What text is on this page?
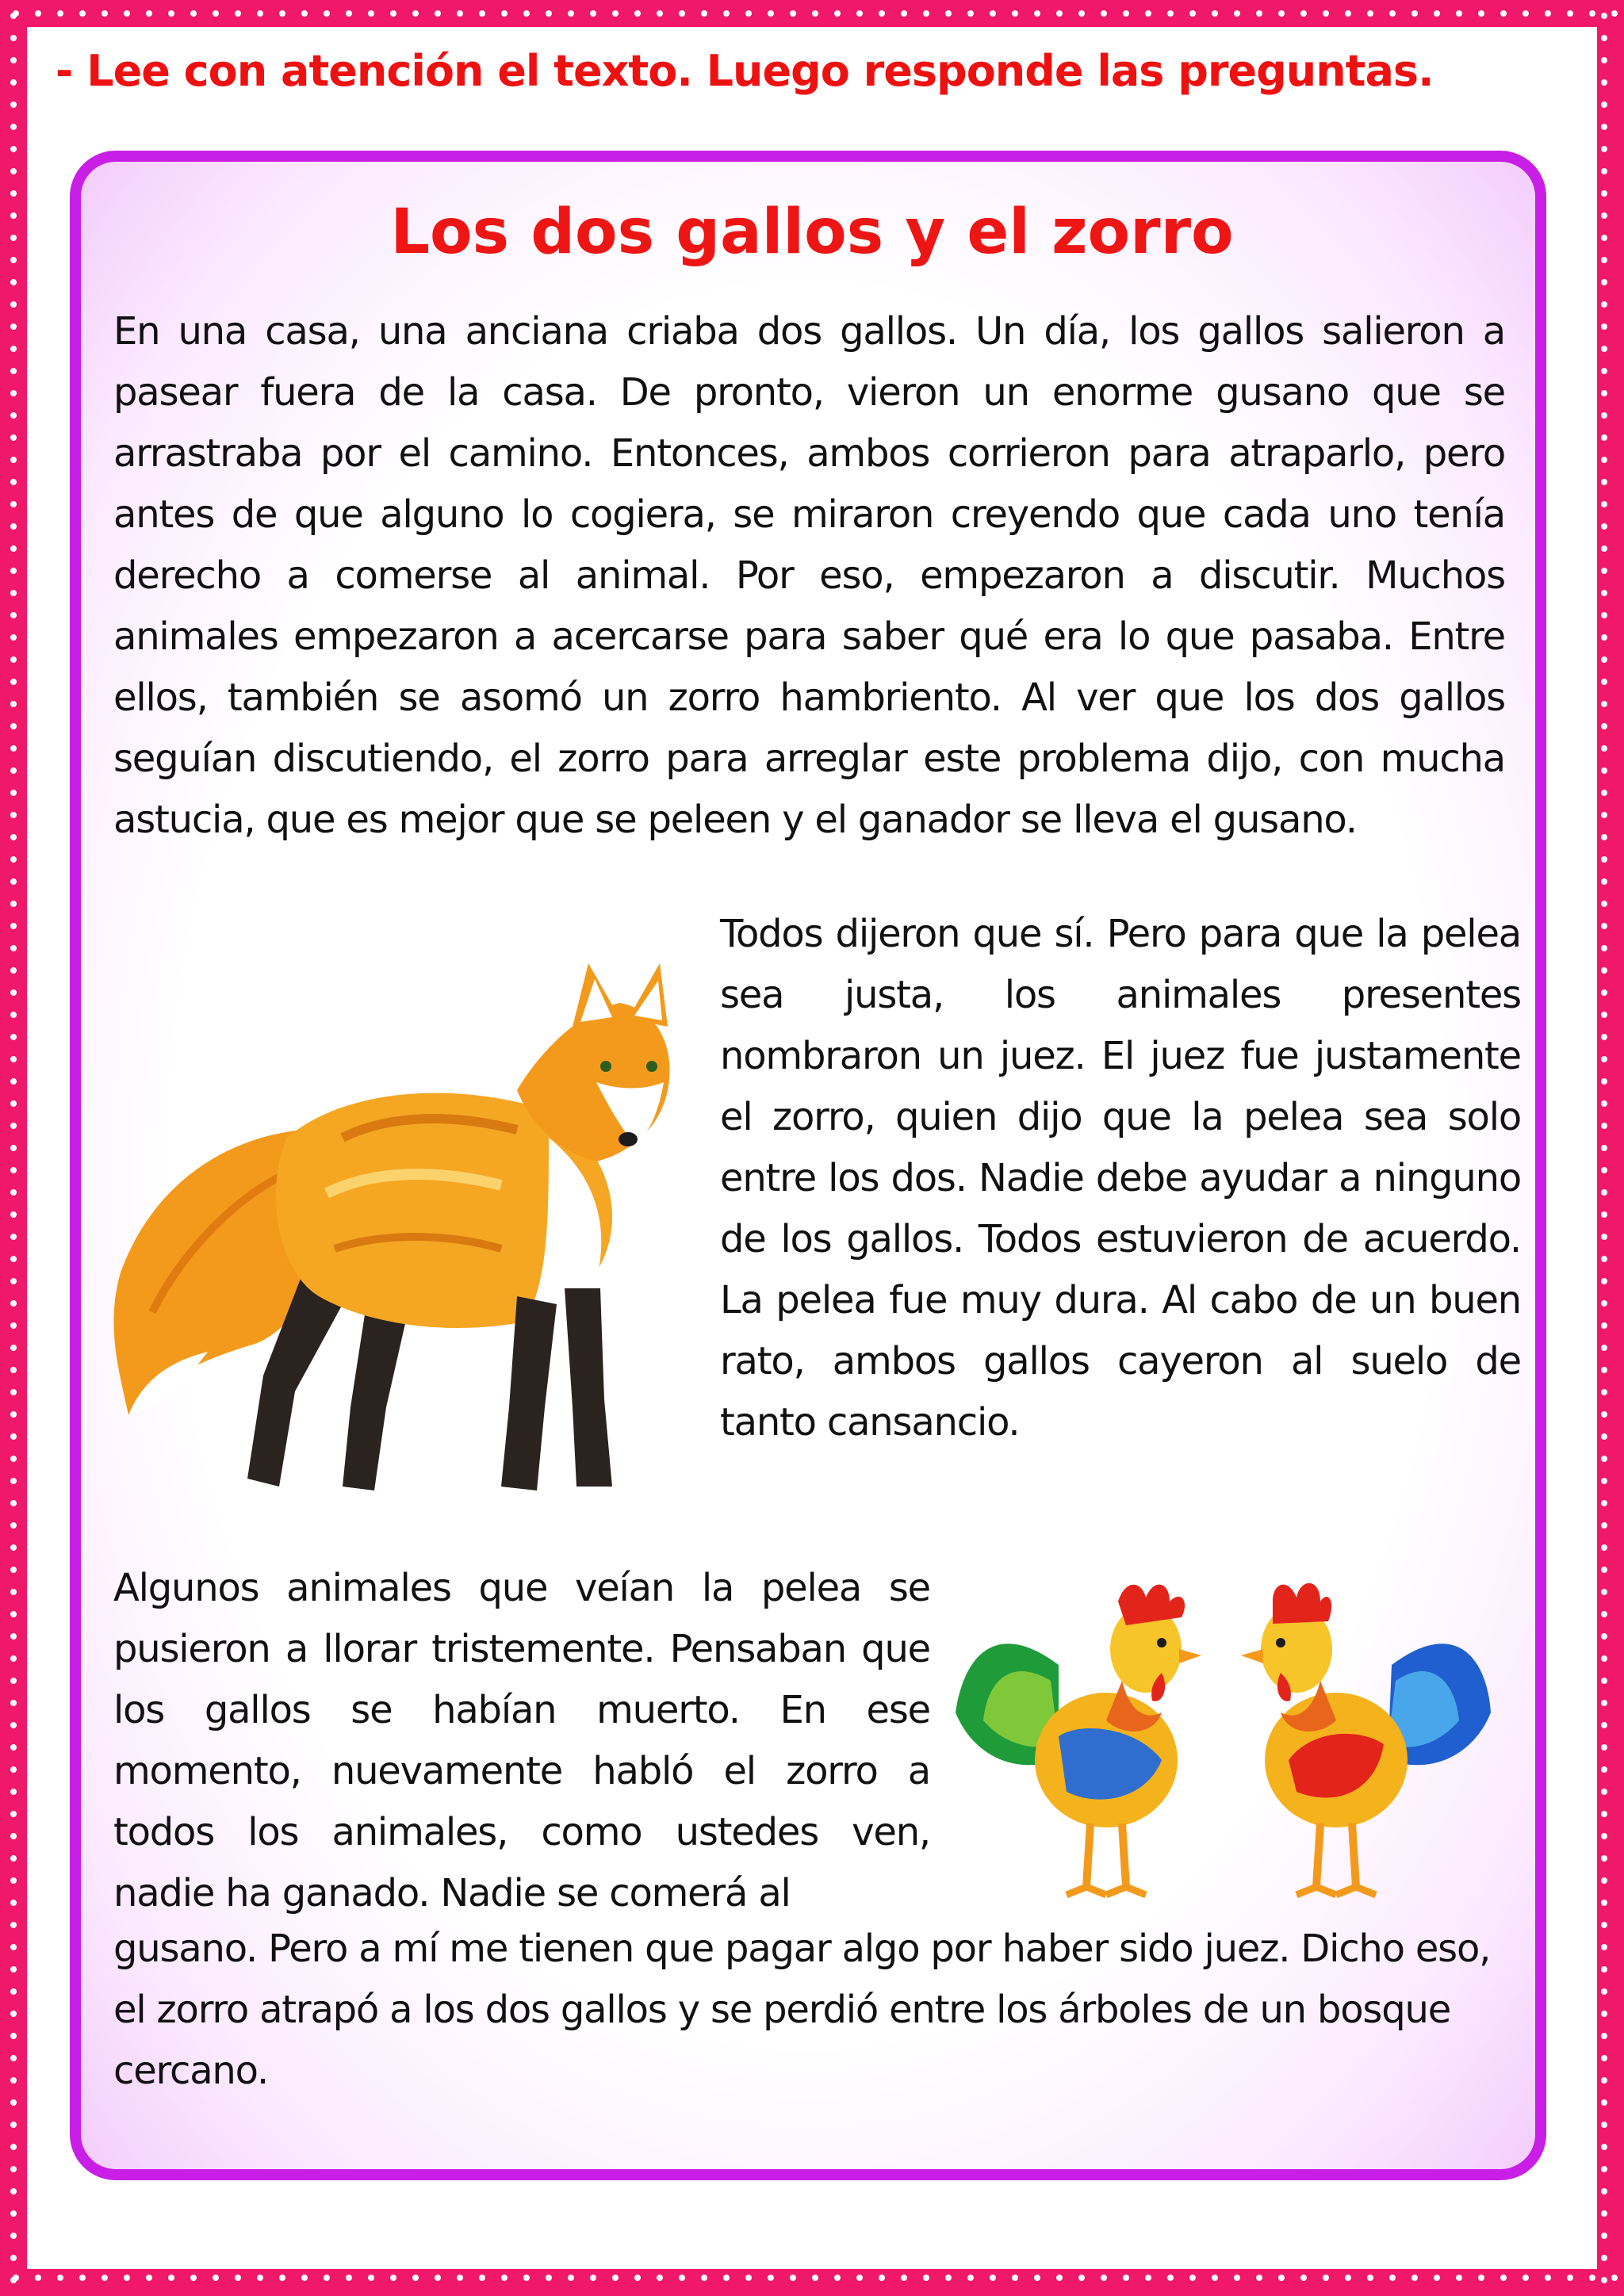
- Lee con atención el texto. Luego responde las preguntas.
Los dos gallos y el zorro

En una casa, una anciana criaba dos gallos. Un día, los gallos salieron a pasear fuera de la casa. De pronto, vieron un enorme gusano que se arrastraba por el camino. Entonces, ambos corrieron para atraparlo, pero antes de que alguno lo cogiera, se miraron creyendo que cada uno tenía derecho a comerse al animal. Por eso, empezaron a discutir. Muchos animales empezaron a acercarse para saber qué era lo que pasaba. Entre ellos, también se asomó un zorro hambriento. Al ver que los dos gallos seguían discutiendo, el zorro para arreglar este problema dijo, con mucha astucia, que es mejor que se peleen y el ganador se lleva el gusano.

Todos dijeron que sí. Pero para que la pelea sea justa, los animales presentes nombraron un juez. El juez fue justamente el zorro, quien dijo que la pelea sea solo entre los dos. Nadie debe ayudar a ninguno de los gallos. Todos estuvieron de acuerdo. La pelea fue muy dura. Al cabo de un buen rato, ambos gallos cayeron al suelo de tanto cansancio.

Algunos animales que veían la pelea se pusieron a llorar tristemente. Pensaban que los gallos se habían muerto. En ese momento, nuevamente habló el zorro a todos los animales, como ustedes ven, nadie ha ganado. Nadie se comerá al

gusano. Pero a mí me tienen que pagar algo por haber sido juez. Dicho eso, el zorro atrapó a los dos gallos y se perdió entre los árboles de un bosque cercano.
